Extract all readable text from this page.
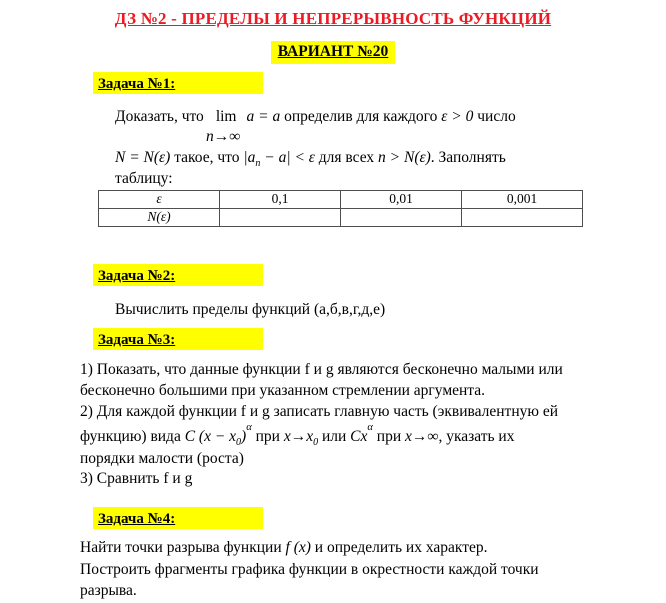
ДЗ №2 - ПРЕДЕЛЫ И НЕПРЕРЫВНОСТЬ ФУНКЦИЙ
ВАРИАНТ №20
Задача №1:
Доказать, что lim a = a определив для каждого ε > 0 число
n→∞
N = N(ε) такое, что $|a_n - a| < \varepsilon$ для всех n > N(ε). Заполнять
таблицу:
ε	0,1	0,01	0,001
N(ε)			
Задача №2:
Вычислить пределы функций (а,б,в,г,д,е)
Задача №3:
1) Показать, что данные функции f и g являются бесконечно малыми или
бесконечно большими при указанном стремлении аргумента.
2) Для каждой функции f и g записать главную часть (эквивалентную ей
функцию) вида C $(x - x_0)^\alpha$ при $x\to x_0$ или $Cx^\alpha$ при x→∞, указать их
порядки малости (роста)
3) Сравнить f и g
Задача №4:
Найти точки разрыва функции f (x) и определить их характер.
Построить фрагменты графика функции в окрестности каждой точки
разрыва.
